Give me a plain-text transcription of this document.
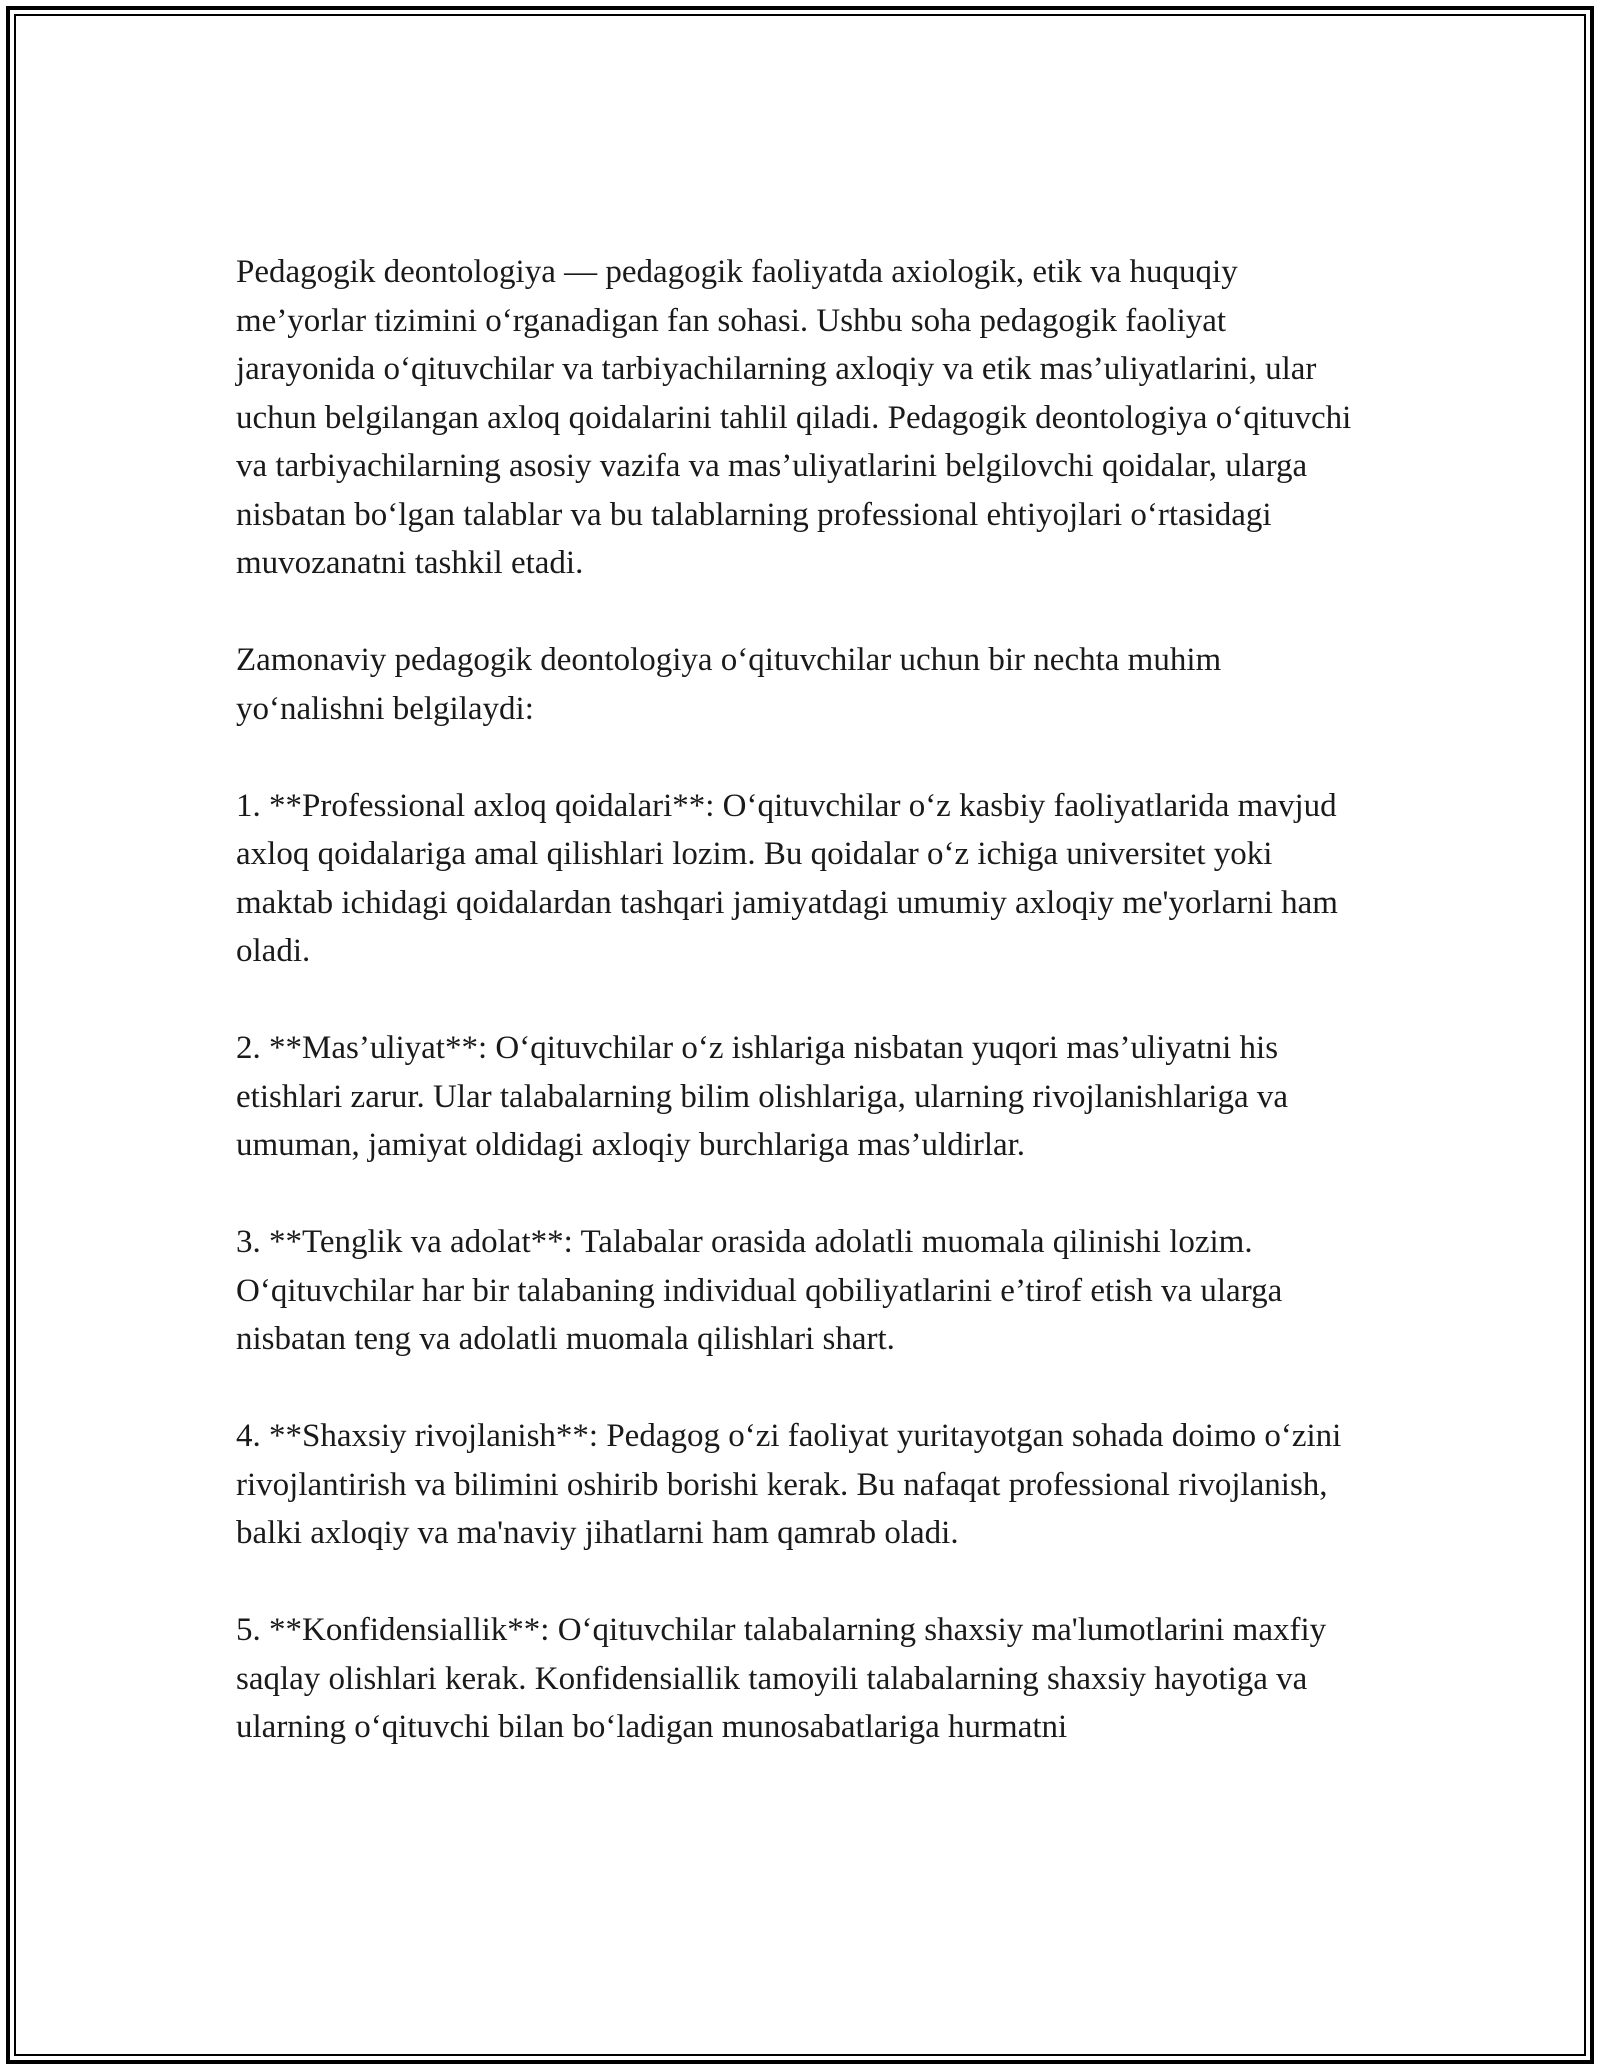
Pedagogik deontologiya — pedagogik faoliyatda axiologik, etik va huquqiy me’yorlar tizimini o‘rganadigan fan sohasi. Ushbu soha pedagogik faoliyat jarayonida o‘qituvchilar va tarbiyachilarning axloqiy va etik mas’uliyatlarini, ular uchun belgilangan axloq qoidalarini tahlil qiladi. Pedagogik deontologiya o‘qituvchi va tarbiyachilarning asosiy vazifa va mas’uliyatlarini belgilovchi qoidalar, ularga nisbatan bo‘lgan talablar va bu talablarning professional ehtiyojlari o‘rtasidagi muvozanatni tashkil etadi.

Zamonaviy pedagogik deontologiya o‘qituvchilar uchun bir nechta muhim yo‘nalishni belgilaydi:

1. **Professional axloq qoidalari**: O‘qituvchilar o‘z kasbiy faoliyatlarida mavjud axloq qoidalariga amal qilishlari lozim. Bu qoidalar o‘z ichiga universitet yoki maktab ichidagi qoidalardan tashqari jamiyatdagi umumiy axloqiy me'yorlarni ham oladi.

2. **Mas’uliyat**: O‘qituvchilar o‘z ishlariga nisbatan yuqori mas’uliyatni his etishlari zarur. Ular talabalarning bilim olishlariga, ularning rivojlanishlariga va umuman, jamiyat oldidagi axloqiy burchlariga mas’uldirlar.

3. **Tenglik va adolat**: Talabalar orasida adolatli muomala qilinishi lozim. O‘qituvchilar har bir talabaning individual qobiliyatlarini e’tirof etish va ularga nisbatan teng va adolatli muomala qilishlari shart.

4. **Shaxsiy rivojlanish**: Pedagog o‘zi faoliyat yuritayotgan sohada doimo o‘zini rivojlantirish va bilimini oshirib borishi kerak. Bu nafaqat professional rivojlanish, balki axloqiy va ma'naviy jihatlarni ham qamrab oladi.

5. **Konfidensiallik**: O‘qituvchilar talabalarning shaxsiy ma'lumotlarini maxfiy saqlay olishlari kerak. Konfidensiallik tamoyili talabalarning shaxsiy hayotiga va ularning o‘qituvchi bilan bo‘ladigan munosabatlariga hurmatni
